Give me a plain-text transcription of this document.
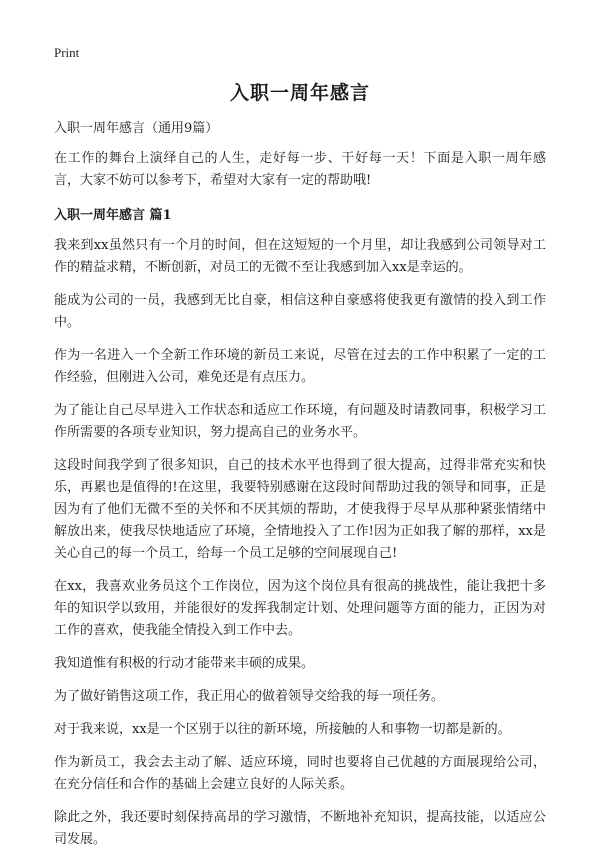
Print
入职一周年感言

入职一周年感言（通用9篇）

在工作的舞台上演绎自己的人生，走好每一步、干好每一天！下面是入职一周年感言，大家不妨可以参考下，希望对大家有一定的帮助哦!

入职一周年感言 篇1

我来到xx虽然只有一个月的时间，但在这短短的一个月里，却让我感到公司领导对工作的精益求精，不断创新，对员工的无微不至让我感到加入xx是幸运的。

能成为公司的一员，我感到无比自豪，相信这种自豪感将使我更有激情的投入到工作中。

作为一名进入一个全新工作环境的新员工来说，尽管在过去的工作中积累了一定的工作经验，但刚进入公司，难免还是有点压力。

为了能让自己尽早进入工作状态和适应工作环境，有问题及时请教同事，积极学习工作所需要的各项专业知识，努力提高自己的业务水平。

这段时间我学到了很多知识，自己的技术水平也得到了很大提高，过得非常充实和快乐，再累也是值得的!在这里，我要特别感谢在这段时间帮助过我的领导和同事，正是因为有了他们无微不至的关怀和不厌其烦的帮助，才使我得于尽早从那种紧张情绪中解放出来，使我尽快地适应了环境，全情地投入了工作!因为正如我了解的那样，xx是关心自己的每一个员工，给每一个员工足够的空间展现自己!

在xx，我喜欢业务员这个工作岗位，因为这个岗位具有很高的挑战性，能让我把十多年的知识学以致用，并能很好的发挥我制定计划、处理问题等方面的能力，正因为对工作的喜欢，使我能全情投入到工作中去。

我知道惟有积极的行动才能带来丰硕的成果。

为了做好销售这项工作，我正用心的做着领导交给我的每一项任务。

对于我来说，xx是一个区别于以往的新环境，所接触的人和事物一切都是新的。

作为新员工，我会去主动了解、适应环境，同时也要将自己优越的方面展现给公司，在充分信任和合作的基础上会建立良好的人际关系。

除此之外，我还要时刻保持高昂的学习激情，不断地补充知识，提高技能，以适应公司发展。
